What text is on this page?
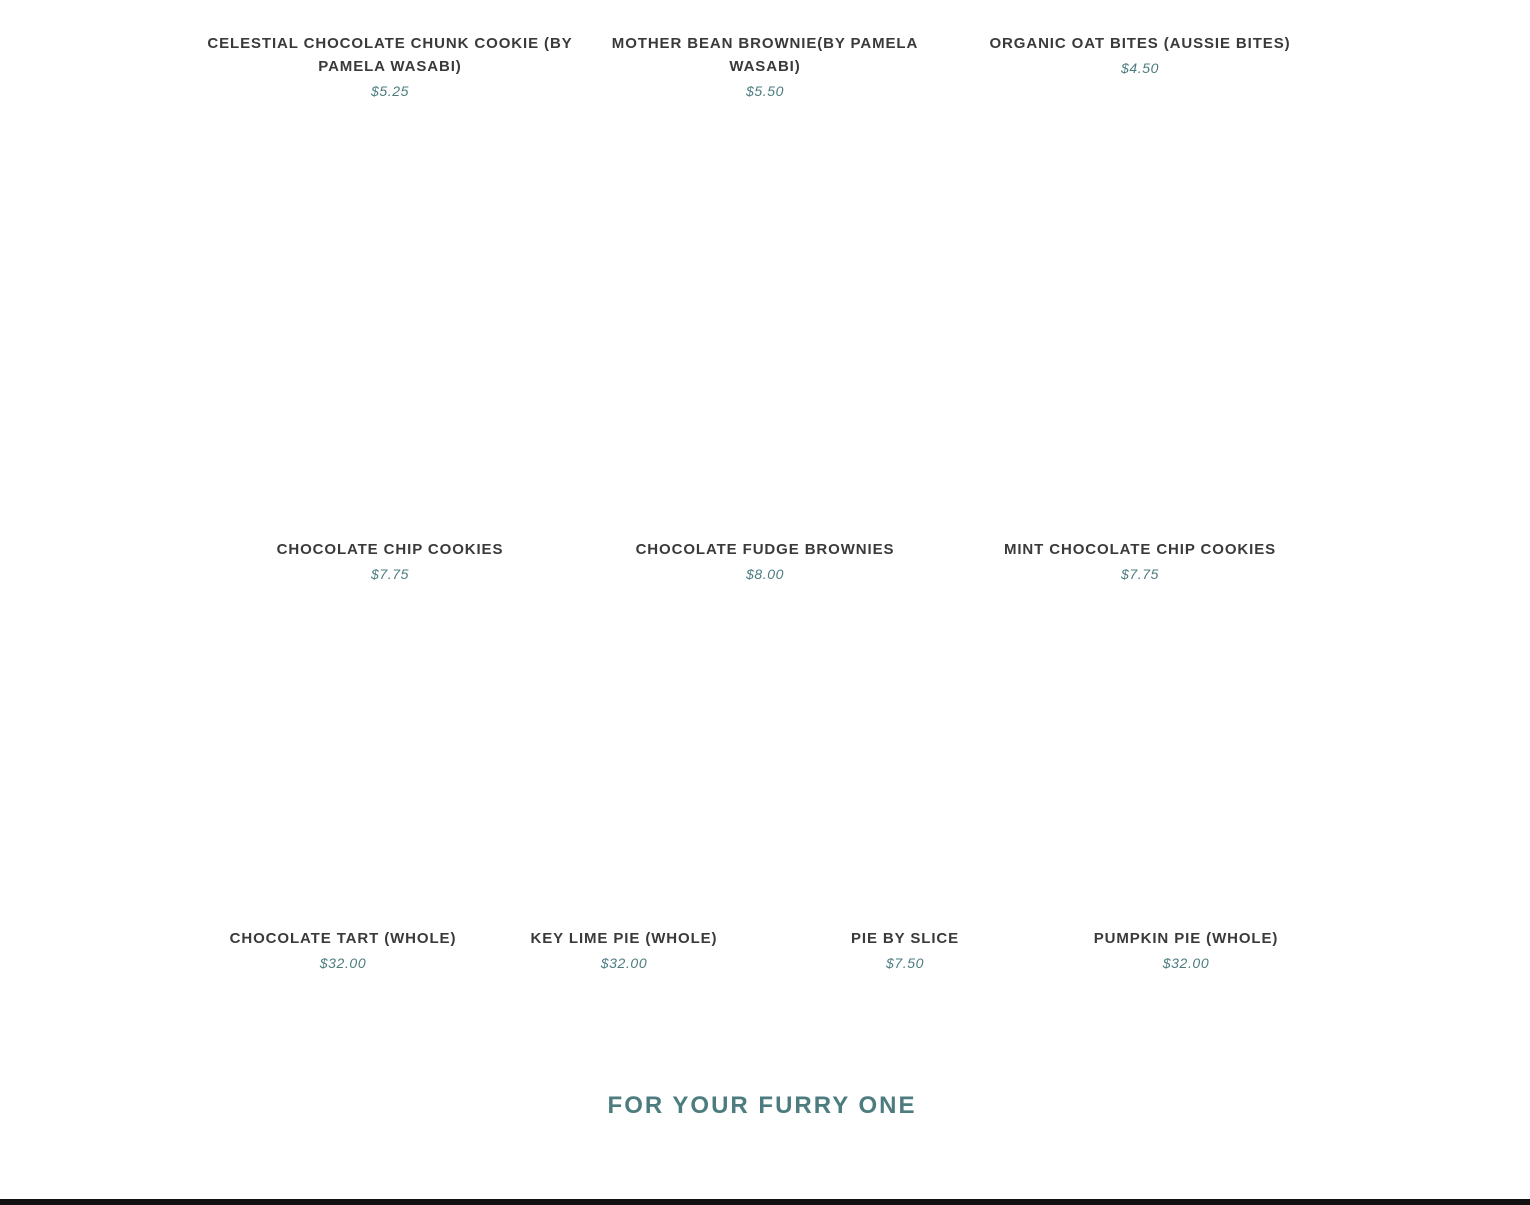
CELESTIAL CHOCOLATE CHUNK COOKIE (BY PAMELA WASABI)
$5.25
MOTHER BEAN BROWNIE(BY PAMELA WASABI)
$5.50
ORGANIC OAT BITES (AUSSIE BITES)
$4.50
CHOCOLATE CHIP COOKIES
$7.75
CHOCOLATE FUDGE BROWNIES
$8.00
MINT CHOCOLATE CHIP COOKIES
$7.75
CHOCOLATE TART (WHOLE)
$32.00
KEY LIME PIE (WHOLE)
$32.00
PIE BY SLICE
$7.50
PUMPKIN PIE (WHOLE)
$32.00
FOR YOUR FURRY ONE
